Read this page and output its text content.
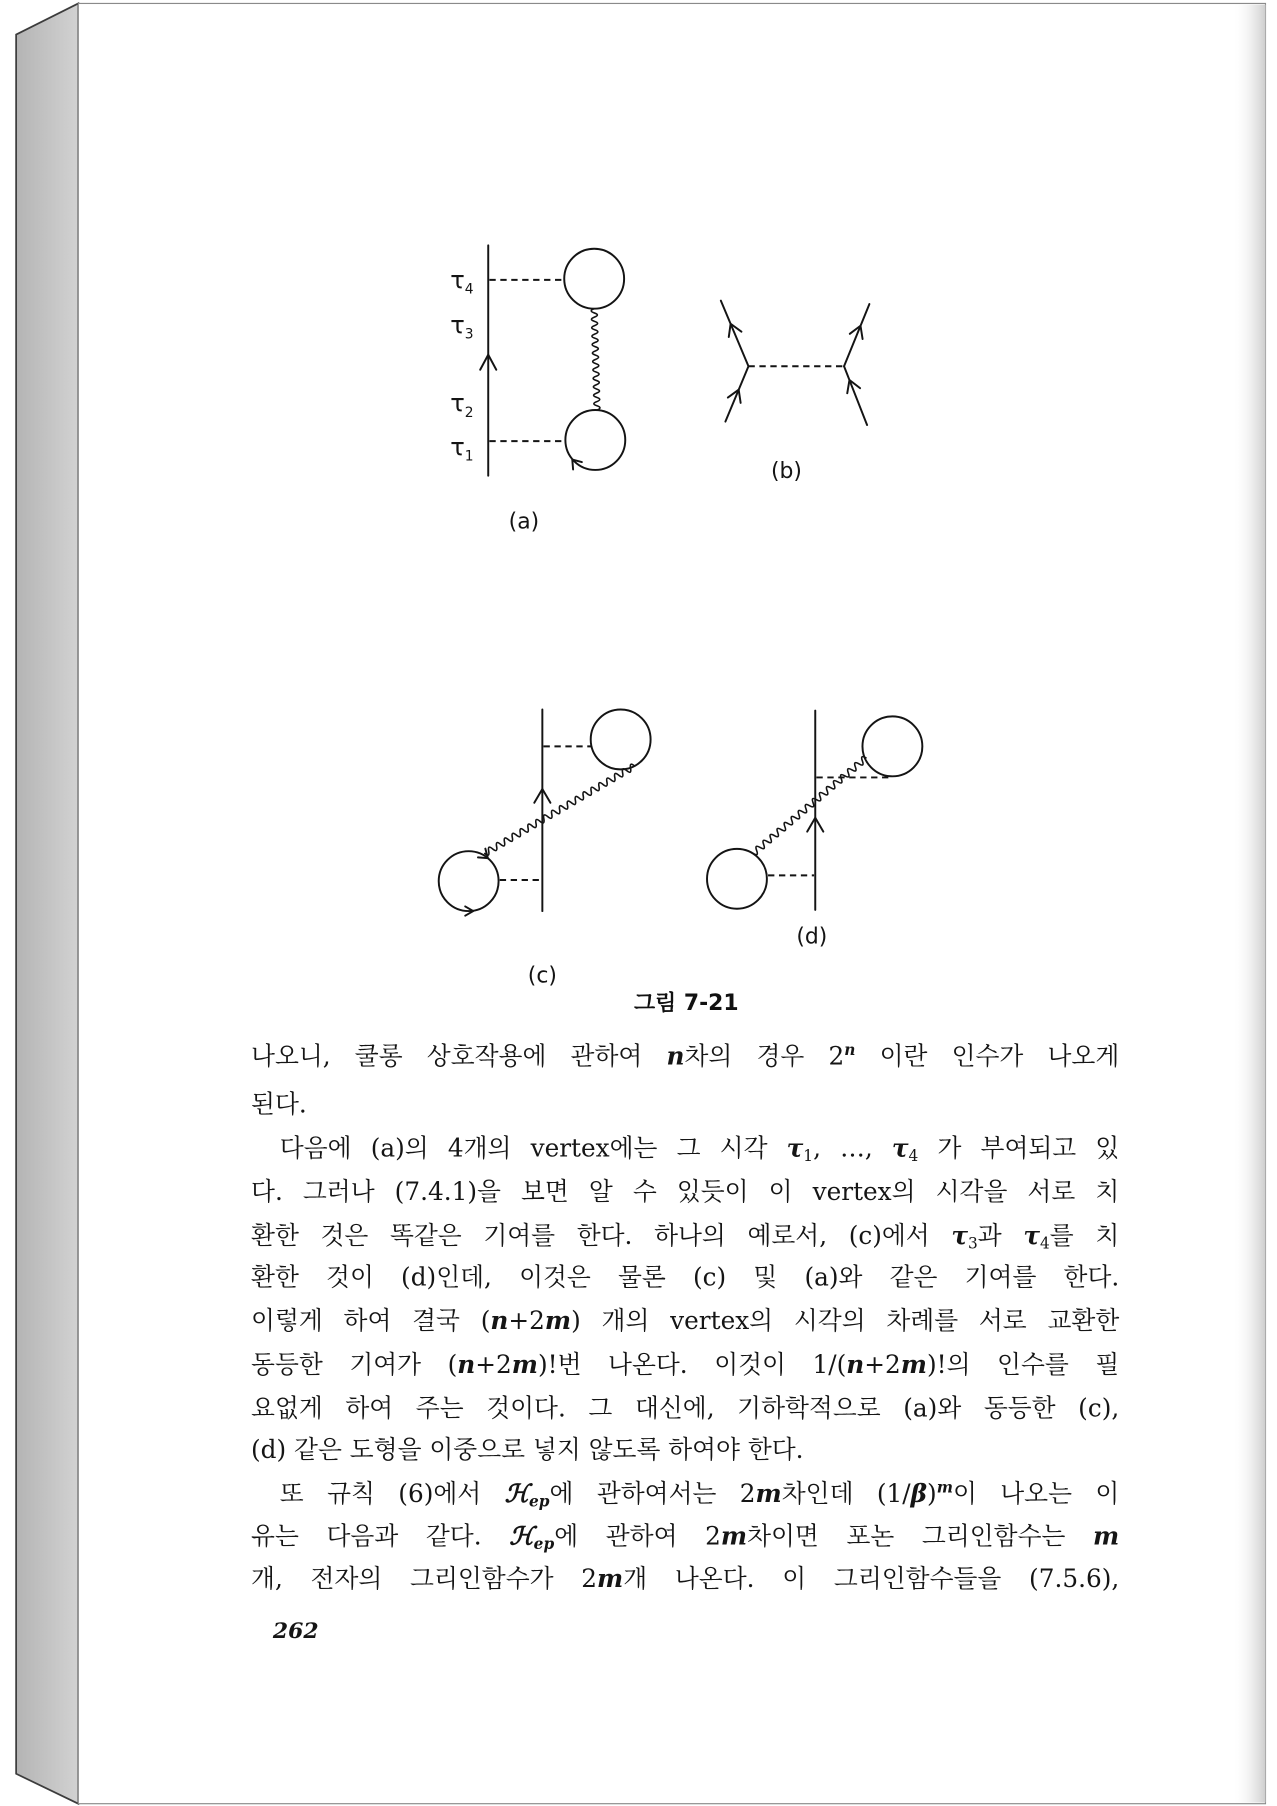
$\tau_4$
$\tau_3$
$\tau_2$
$\tau_1$
(a)
(b)
(c)
(d)
그림 7-21
나오니, 쿨롱 상호작용에 관하여 n차의 경우 2$^n$ 이란 인수가 나오게
된다.
다음에 (a)의 4개의 vertex에는 그 시각 $\tau_1$, …, $\tau_4$ 가 부여되고 있
다. 그러나 (7.4.1)을 보면 알 수 있듯이 이 vertex의 시각을 서로 치
환한 것은 똑같은 기여를 한다. 하나의 예로서, (c)에서 $\tau_3$과 $\tau_4$를 치
환한 것이 (d)인데, 이것은 물론 (c) 및 (a)와 같은 기여를 한다.
이렇게 하여 결국 (n+2m) 개의 vertex의 시각의 차례를 서로 교환한
동등한 기여가 (n+2m)!번 나온다. 이것이 1/(n+2m)!의 인수를 필
요없게 하여 주는 것이다. 그 대신에, 기하학적으로 (a)와 동등한 (c),
(d) 같은 도형을 이중으로 넣지 않도록 하여야 한다.
또 규칙 (6)에서 ℋ$_{ep}$에 관하여서는 2m차인데 $(1/\beta)^m$이 나오는 이
유는 다음과 같다. ℋ$_{ep}$에 관하여 2m차이면 포논 그리인함수는 m
개, 전자의 그리인함수가 2m개 나온다. 이 그리인함수들을 (7.5.6),
262
